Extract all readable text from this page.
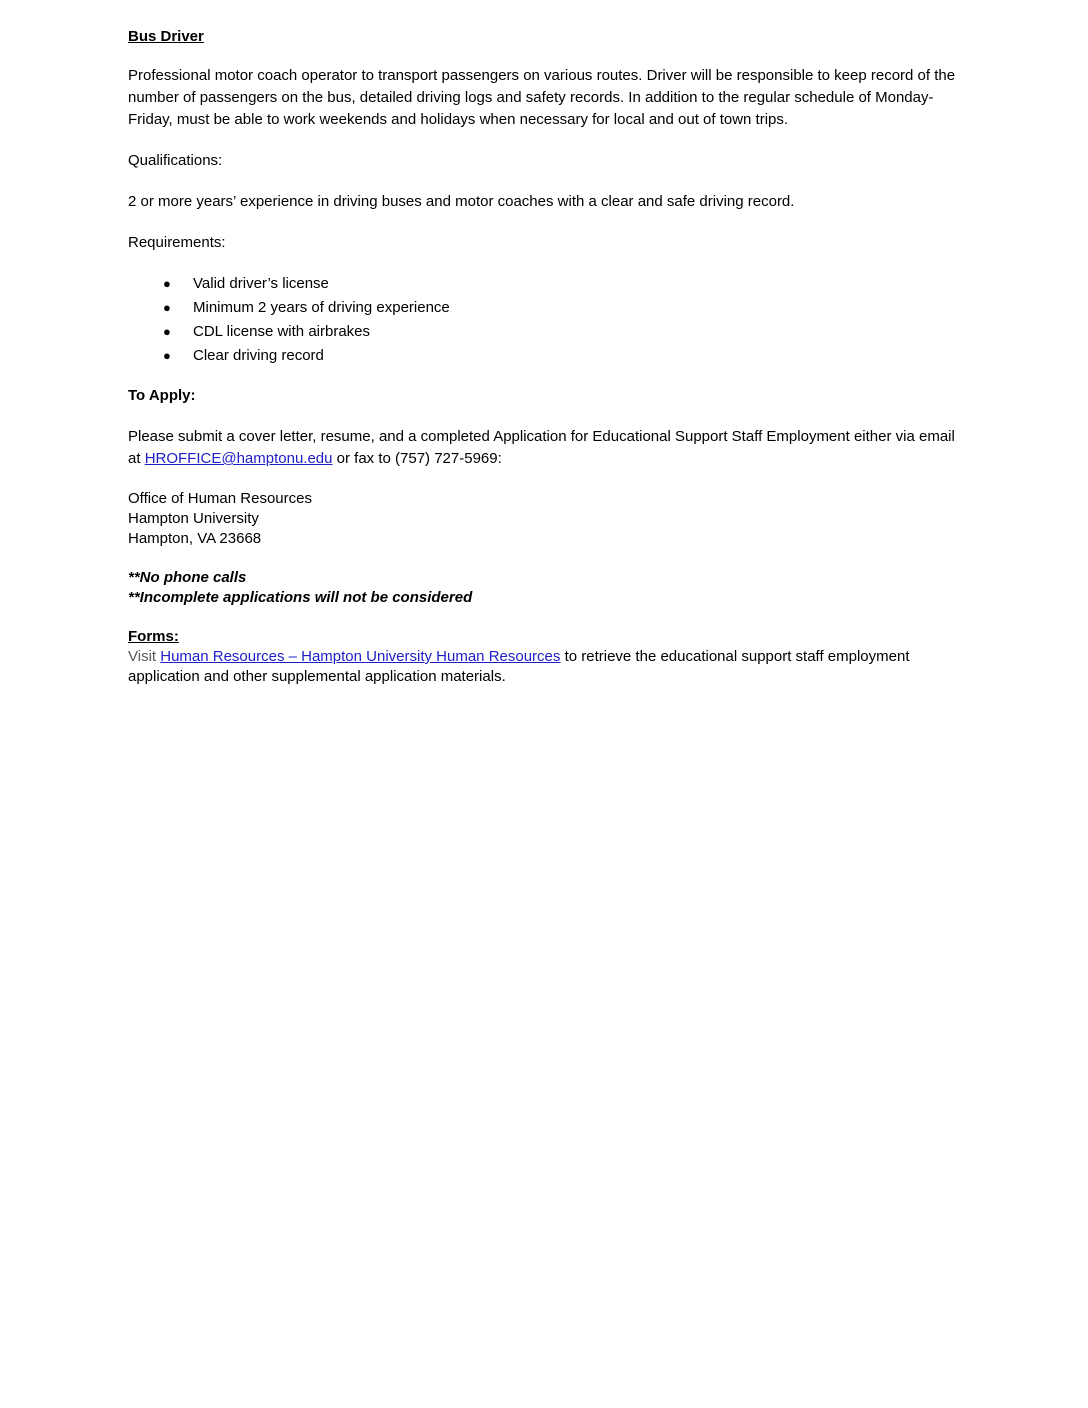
Bus Driver

Professional motor coach operator to transport passengers on various routes. Driver will be responsible to keep record of the number of passengers on the bus, detailed driving logs and safety records. In addition to the regular schedule of Monday-Friday, must be able to work weekends and holidays when necessary for local and out of town trips.

Qualifications:

2 or more years’ experience in driving buses and motor coaches with a clear and safe driving record.

Requirements:

●	Valid driver’s license
●	Minimum 2 years of driving experience
●	CDL license with airbrakes
●	Clear driving record

To Apply:

Please submit a cover letter, resume, and a completed Application for Educational Support Staff Employment either via email at HROFFICE@hamptonu.edu or fax to (757) 727-5969:

Office of Human Resources
Hampton University
Hampton, VA 23668
**No phone calls
**Incomplete applications will not be considered
Forms:

Visit Human Resources – Hampton University Human Resources to retrieve the educational support staff employment application and other supplemental application materials.
